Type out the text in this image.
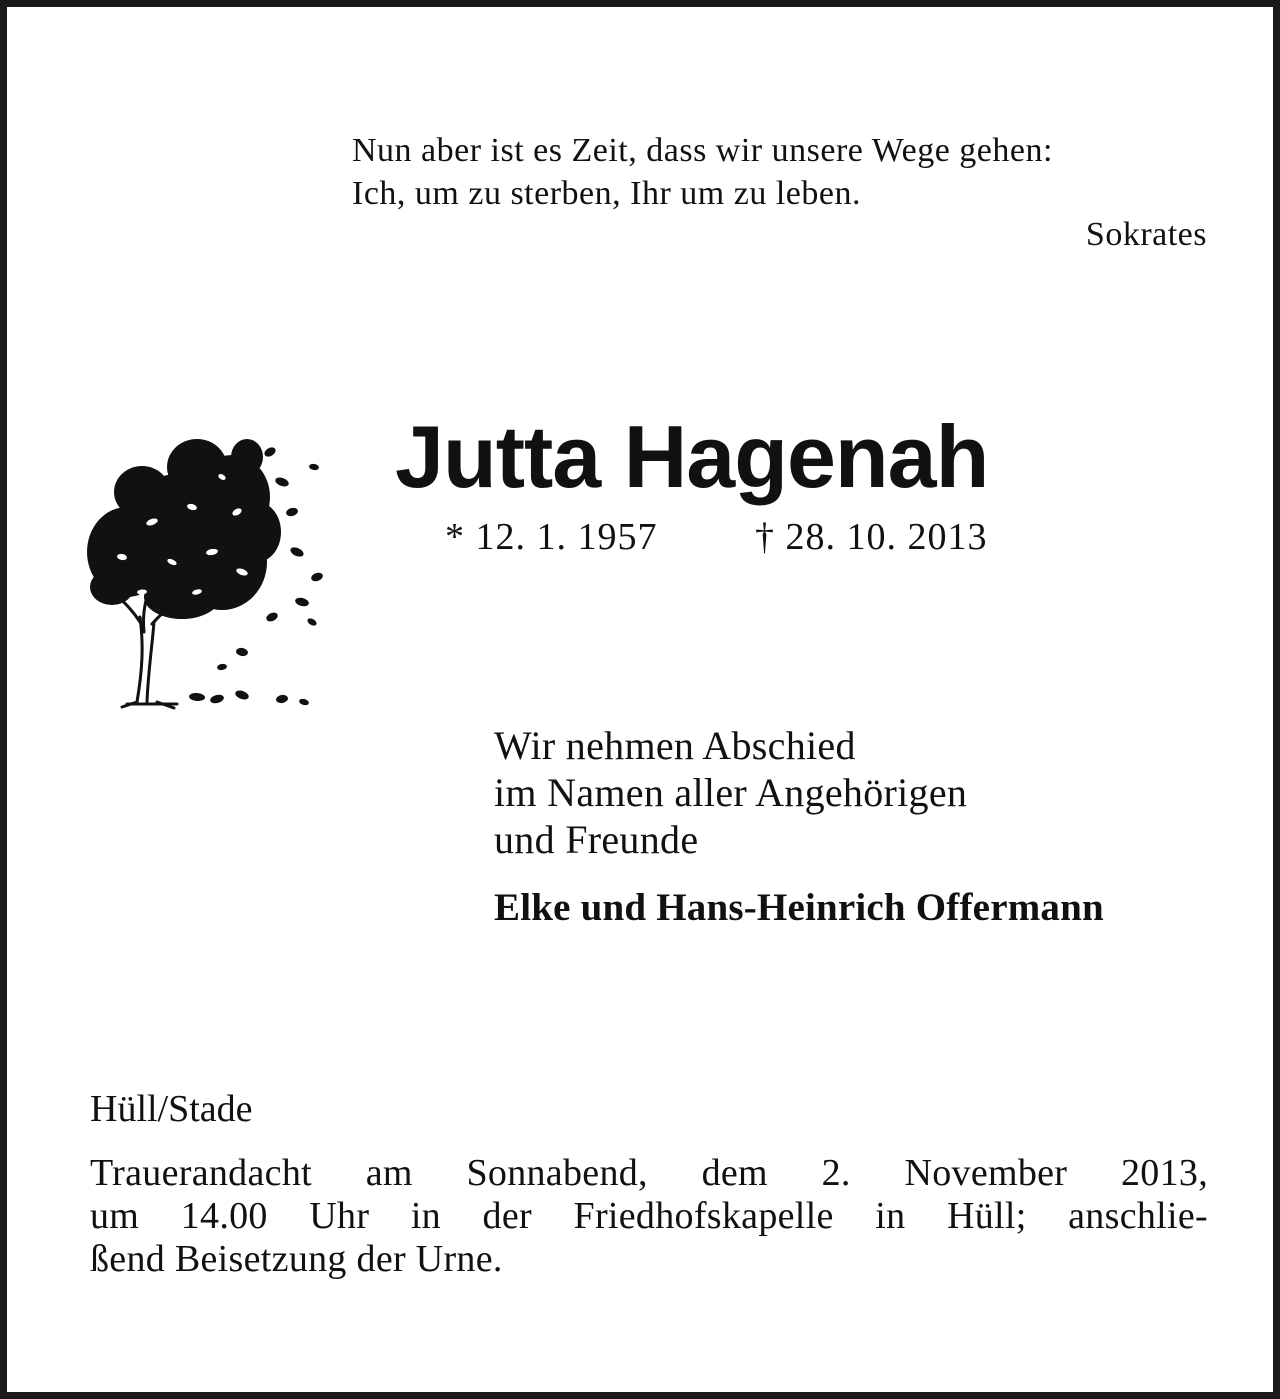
Nun aber ist es Zeit, dass wir unsere Wege gehen:
Ich, um zu sterben, Ihr um zu leben.
Sokrates
Jutta Hagenah
* 12. 1. 1957	† 28. 10. 2013
Wir nehmen Abschied
im Namen aller Angehörigen
und Freunde
Elke und Hans-Heinrich Offermann
Hüll/Stade
Trauerandacht am Sonnabend, dem 2. November 2013,
um 14.00 Uhr in der Friedhofskapelle in Hüll; anschlie-
ßend Beisetzung der Urne.
